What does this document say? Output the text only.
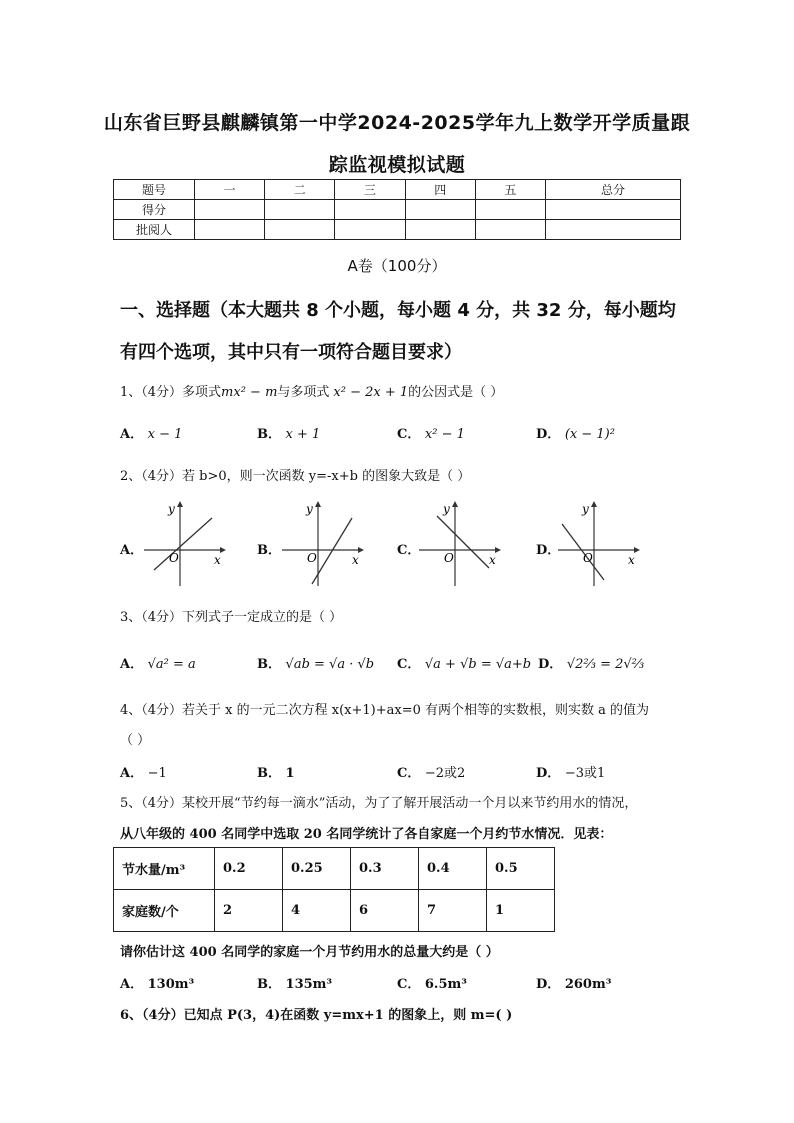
山东省巨野县麒麟镇第一中学2024-2025学年九上数学开学质量跟
踪监视模拟试题
题号	一	二	三	四	五	总分
得分						
批阅人						
A卷（100分）
一、选择题（本大题共 8 个小题，每小题 4 分，共 32 分，每小题均
有四个选项，其中只有一项符合题目要求）
1、（4分）多项式mx² − m与多项式 x² − 2x + 1的公因式是（ ）
A． x − 1	B． x + 1	C． x² − 1	D． (x − 1)²
2、（4分）若 b>0，则一次函数 y=-x+b 的图象大致是（ ）
A．	B．	C．	D．
y
x
O
y
x
O
y
x
O
y
x
O
3、（4分）下列式子一定成立的是（ ）
A． √a² = a	B． √ab = √a · √b C． √a + √b = √a+b D． √2⅔ = 2√⅔
4、（4分）若关于 x 的一元二次方程 x(x+1)+ax=0 有两个相等的实数根，则实数 a 的值为
（ ）
A． −1	B． 1	C． −2或2	D． −3或1
5、（4分）某校开展“节约每一滴水”活动，为了了解开展活动一个月以来节约用水的情况，
从八年级的 400 名同学中选取 20 名同学统计了各自家庭一个月约节水情况．见表：
节水量/m³	0.2	0.25	0.3	0.4	0.5
家庭数/个	2	4	6	7	1
请你估计这 400 名同学的家庭一个月节约用水的总量大约是（ ）
A． 130m³	B． 135m³	C． 6.5m³	D． 260m³
6、（4分）已知点 P(3，4)在函数 y=mx+1 的图象上，则 m=( )
